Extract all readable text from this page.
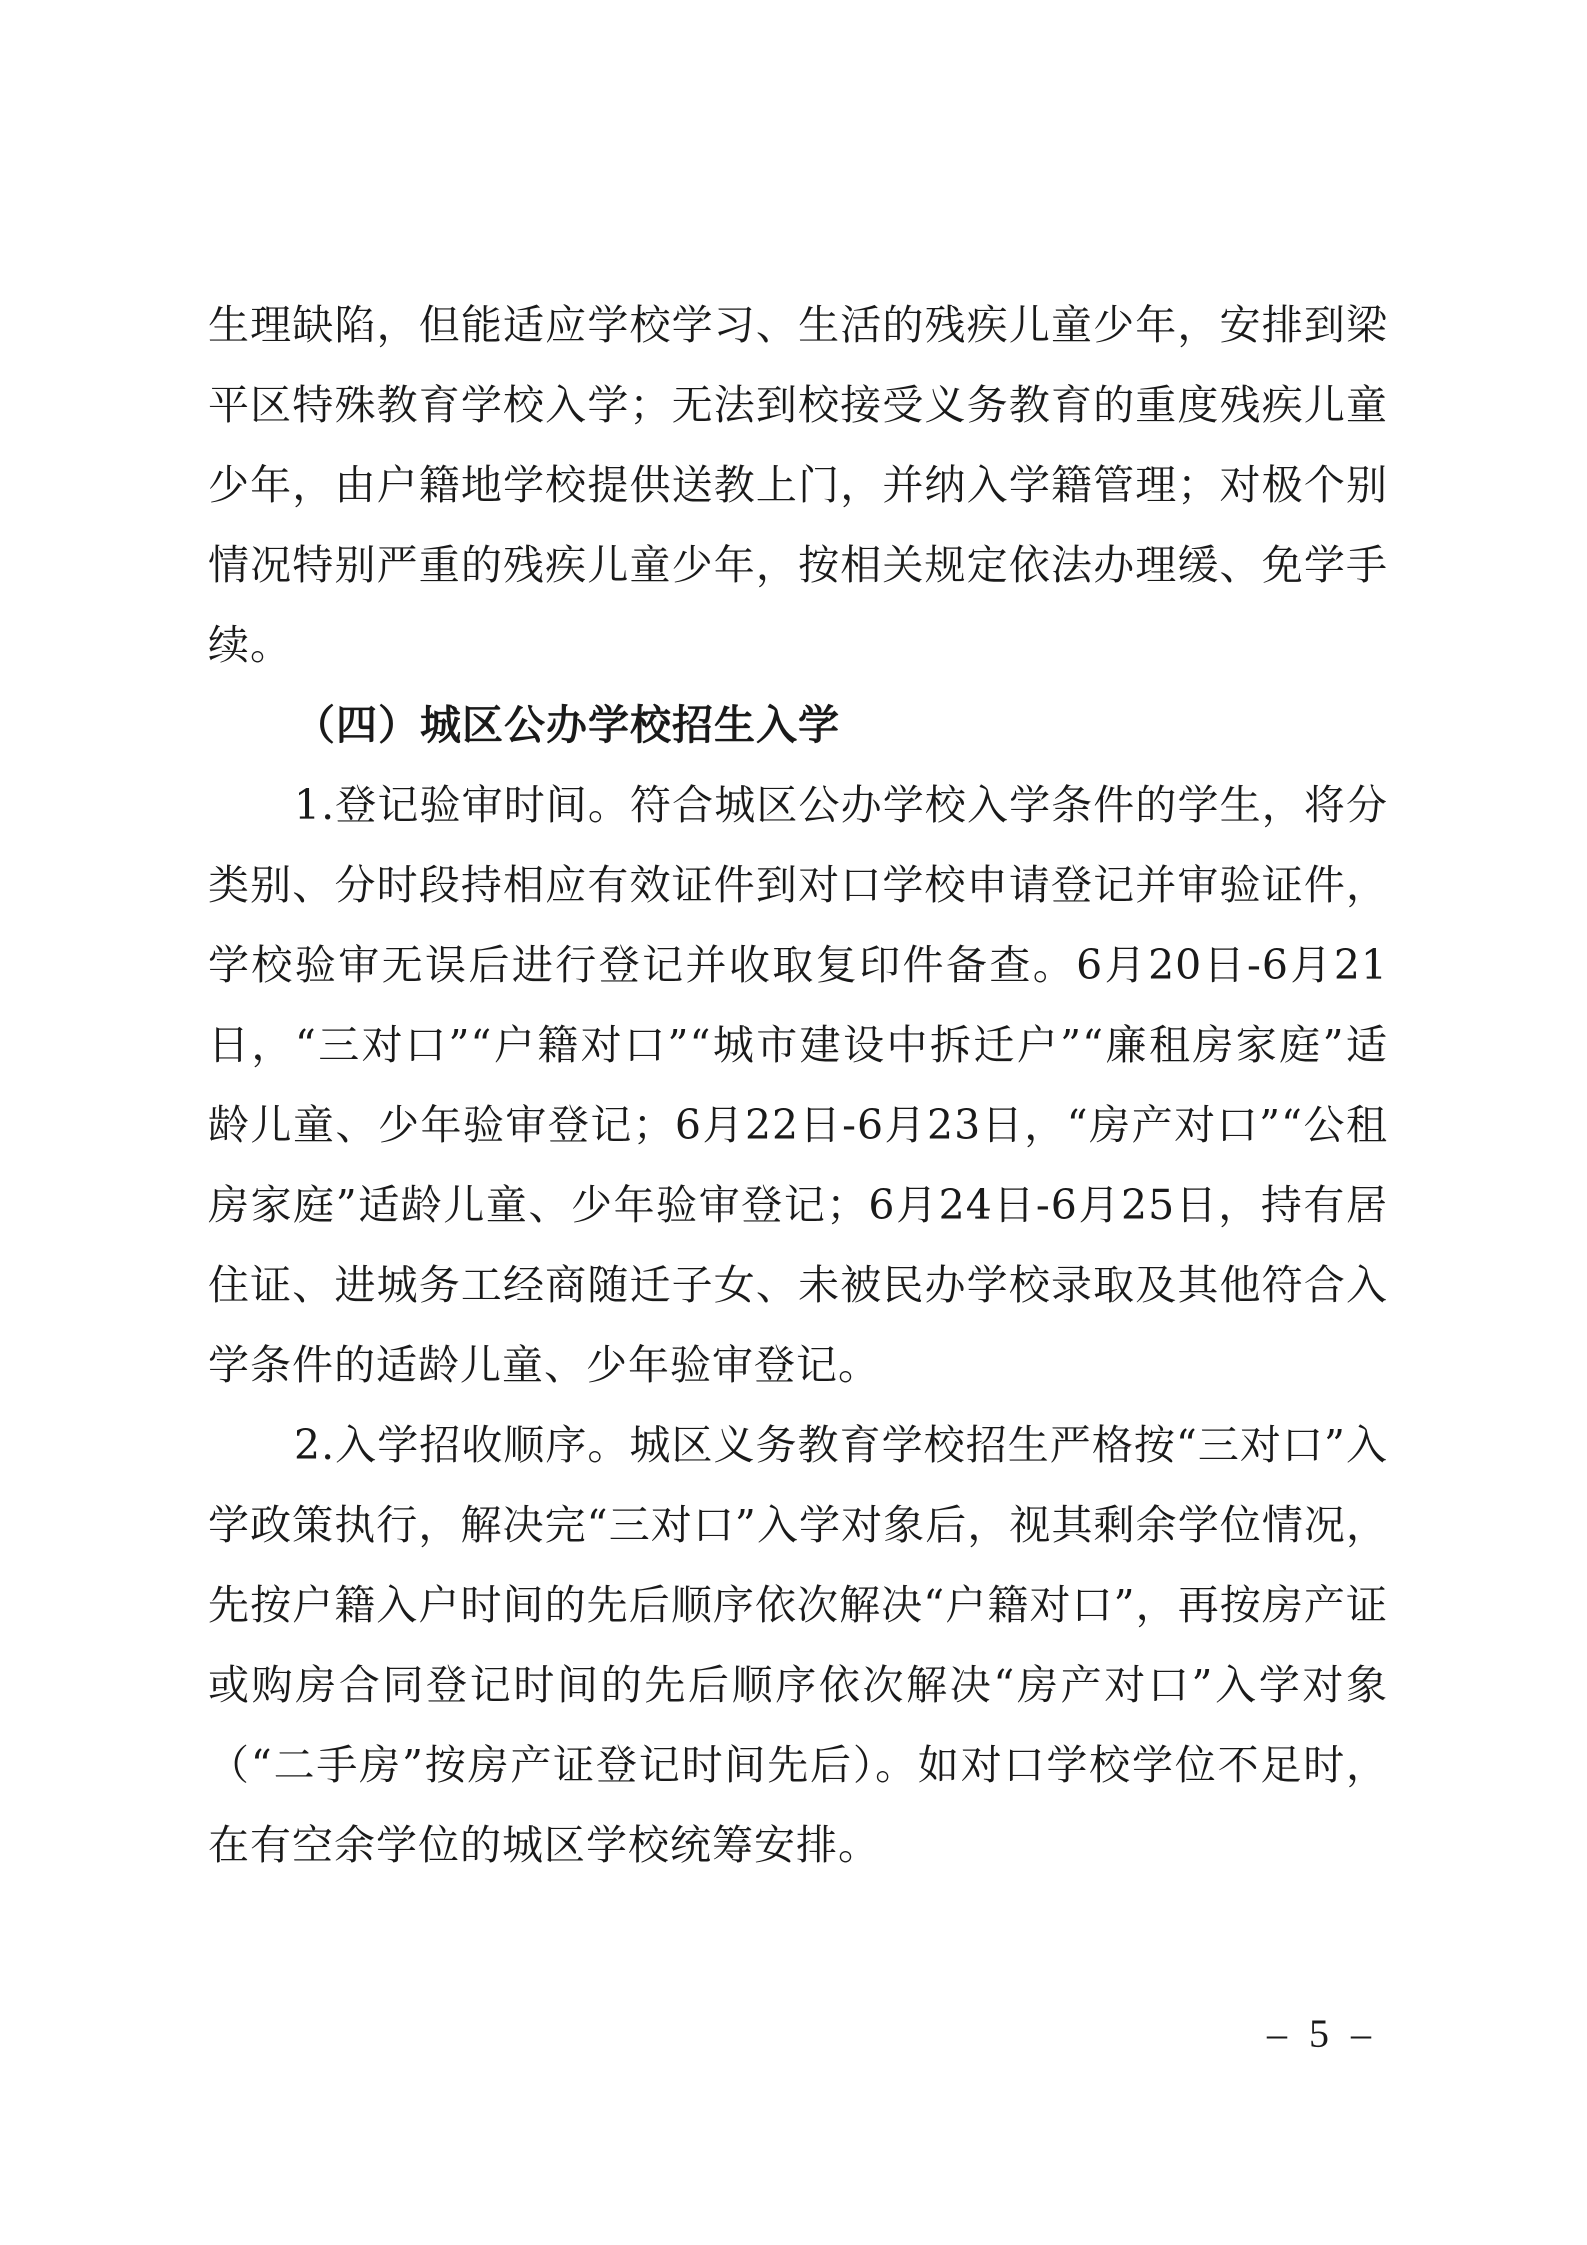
生理缺陷，但能适应学校学习、生活的残疾儿童少年，安排到梁平区特殊教育学校入学；无法到校接受义务教育的重度残疾儿童少年，由户籍地学校提供送教上门，并纳入学籍管理；对极个别情况特别严重的残疾儿童少年，按相关规定依法办理缓、免学手续。

（四）城区公办学校招生入学

1.登记验审时间。符合城区公办学校入学条件的学生，将分类别、分时段持相应有效证件到对口学校申请登记并审验证件，学校验审无误后进行登记并收取复印件备查。6月20日-6月21日，“三对口”“户籍对口”“城市建设中拆迁户”“廉租房家庭”适龄儿童、少年验审登记；6月22日-6月23日，“房产对口”“公租房家庭”适龄儿童、少年验审登记；6月24日-6月25日，持有居住证、进城务工经商随迁子女、未被民办学校录取及其他符合入学条件的适龄儿童、少年验审登记。

2.入学招收顺序。城区义务教育学校招生严格按“三对口”入学政策执行，解决完“三对口”入学对象后，视其剩余学位情况，先按户籍入户时间的先后顺序依次解决“户籍对口”，再按房产证或购房合同登记时间的先后顺序依次解决“房产对口”入学对象（“二手房”按房产证登记时间先后）。如对口学校学位不足时，在有空余学位的城区学校统筹安排。

– 5 –
